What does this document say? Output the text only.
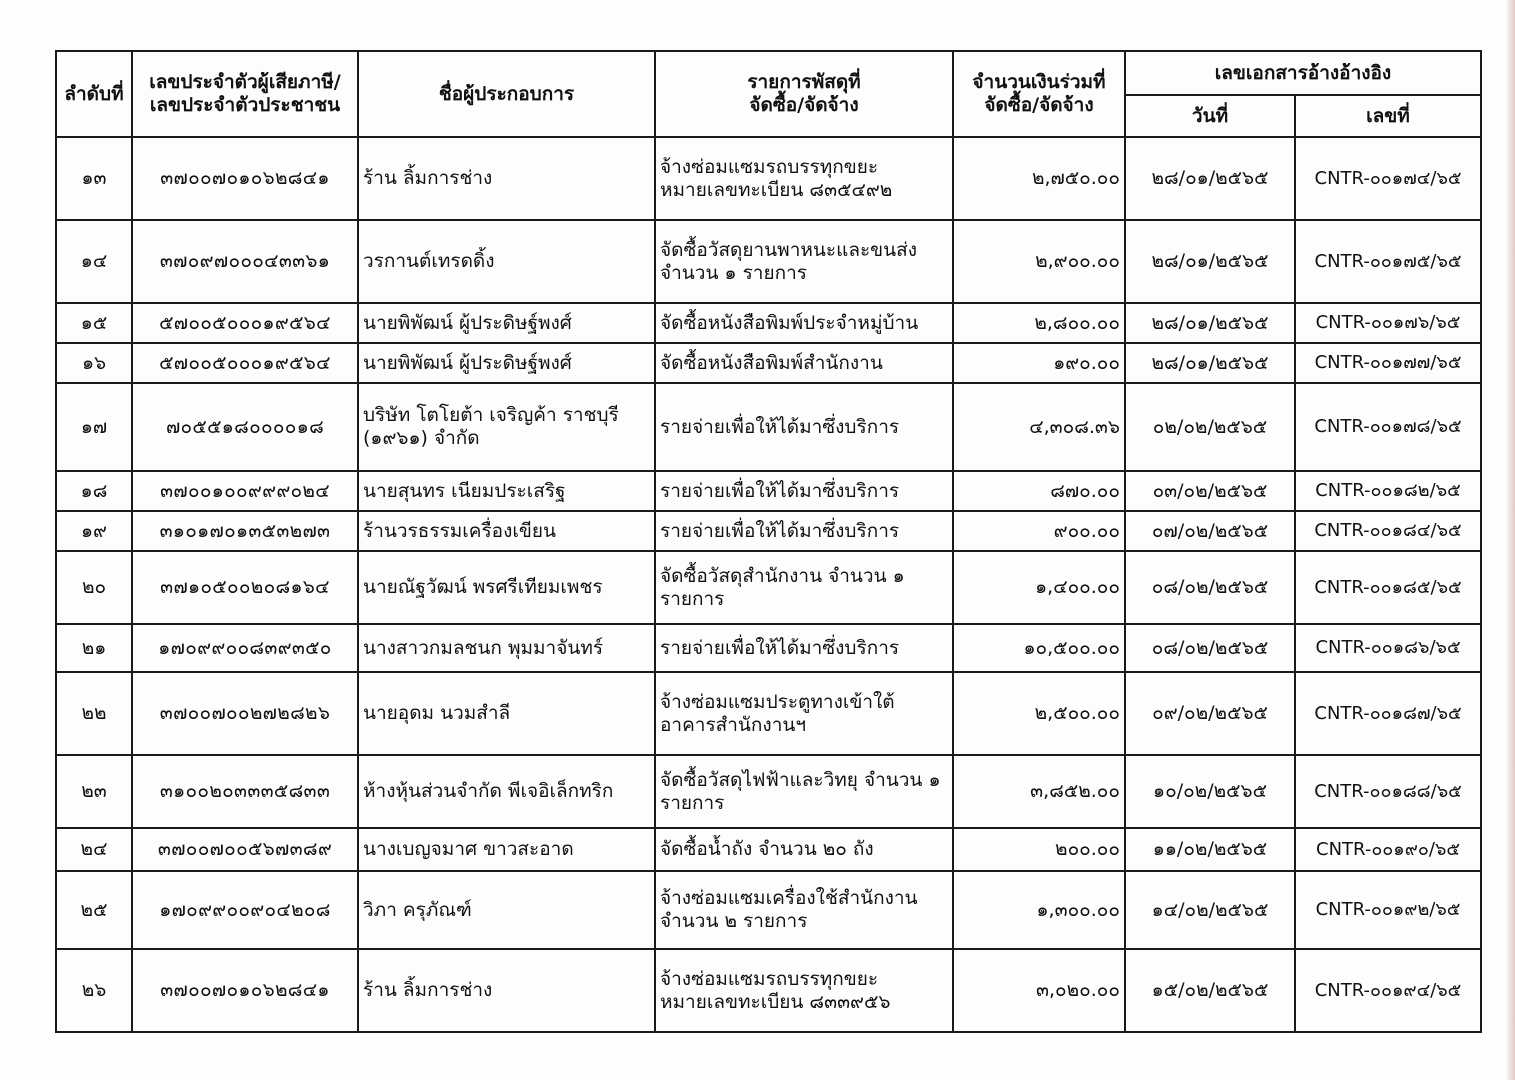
ลำดับที่	เลขประจำตัวผู้เสียภาษี/
เลขประจำตัวประชาชน	ชื่อผู้ประกอบการ	รายการพัสดุที่
จัดซื้อ/จัดจ้าง	จำนวนเงินร่วมที่
จัดซื้อ/จัดจ้าง	เลขเอกสารอ้างอ้างอิง	
					วันที่	เลขที่
๑๓	๓๗๐๐๗๐๑๐๖๒๘๔๑	ร้าน ลิ้มการช่าง	จ้างซ่อมแซมรถบรรทุกขยะ หมายเลขทะเบียน ๘๓๕๔๙๒	๒,๗๕๐.๐๐	๒๘/๐๑/๒๕๖๕	CNTR-๐๐๑๗๔/๖๕
๑๔	๓๗๐๙๗๐๐๐๔๓๓๖๑	วรกานต์เทรดดิ้ง	จัดซื้อวัสดุยานพาหนะและขนส่ง จำนวน ๑ รายการ	๒,๙๐๐.๐๐	๒๘/๐๑/๒๕๖๕	CNTR-๐๐๑๗๕/๖๕
๑๕	๕๗๐๐๕๐๐๐๑๙๕๖๔	นายพิพัฒน์ ผู้ประดิษฐ์พงศ์	จัดซื้อหนังสือพิมพ์ประจำหมู่บ้าน	๒,๘๐๐.๐๐	๒๘/๐๑/๒๕๖๕	CNTR-๐๐๑๗๖/๖๕
๑๖	๕๗๐๐๕๐๐๐๑๙๕๖๔	นายพิพัฒน์ ผู้ประดิษฐ์พงศ์	จัดซื้อหนังสือพิมพ์สำนักงาน	๑๙๐.๐๐	๒๘/๐๑/๒๕๖๕	CNTR-๐๐๑๗๗/๖๕
๑๗	๗๐๕๕๑๘๐๐๐๐๑๘	บริษัท โตโยต้า เจริญค้า ราชบุรี (๑๙๖๑) จำกัด	รายจ่ายเพื่อให้ได้มาซึ่งบริการ	๔,๓๐๘.๓๖	๐๒/๐๒/๒๕๖๕	CNTR-๐๐๑๗๘/๖๕
๑๘	๓๗๐๐๑๐๐๙๙๙๐๒๔	นายสุนทร เนียมประเสริฐ	รายจ่ายเพื่อให้ได้มาซึ่งบริการ	๘๗๐.๐๐	๐๓/๐๒/๒๕๖๕	CNTR-๐๐๑๘๒/๖๕
๑๙	๓๑๐๑๗๐๑๓๕๓๒๗๓	ร้านวรธรรมเครื่องเขียน	รายจ่ายเพื่อให้ได้มาซึ่งบริการ	๙๐๐.๐๐	๐๗/๐๒/๒๕๖๕	CNTR-๐๐๑๘๔/๖๕
๒๐	๓๗๑๐๕๐๐๒๐๘๑๖๔	นายณัฐวัฒน์ พรศรีเทียมเพชร	จัดซื้อวัสดุสำนักงาน จำนวน ๑ รายการ	๑,๔๐๐.๐๐	๐๘/๐๒/๒๕๖๕	CNTR-๐๐๑๘๕/๖๕
๒๑	๑๗๐๙๙๐๐๘๓๙๓๕๐	นางสาวกมลชนก พุมมาจันทร์	รายจ่ายเพื่อให้ได้มาซึ่งบริการ	๑๐,๕๐๐.๐๐	๐๘/๐๒/๒๕๖๕	CNTR-๐๐๑๘๖/๖๕
๒๒	๓๗๐๐๗๐๐๒๗๒๘๒๖	นายอุดม นวมสำลี	จ้างซ่อมแซมประตูทางเข้าใต้ อาคารสำนักงานฯ	๒,๕๐๐.๐๐	๐๙/๐๒/๒๕๖๕	CNTR-๐๐๑๘๗/๖๕
๒๓	๓๑๐๐๒๐๓๓๓๕๘๓๓	ห้างหุ้นส่วนจำกัด พีเจอิเล็กทริก	จัดซื้อวัสดุไฟฟ้าและวิทยุ จำนวน ๑ รายการ	๓,๘๕๒.๐๐	๑๐/๐๒/๒๕๖๕	CNTR-๐๐๑๘๘/๖๕
๒๔	๓๗๐๐๗๐๐๕๖๗๓๘๙	นางเบญจมาศ ขาวสะอาด	จัดซื้อน้ำถัง จำนวน ๒๐ ถัง	๒๐๐.๐๐	๑๑/๐๒/๒๕๖๕	CNTR-๐๐๑๙๐/๖๕
๒๕	๑๗๐๙๙๐๐๙๐๔๒๐๘	วิภา ครุภัณฑ์	จ้างซ่อมแซมเครื่องใช้สำนักงาน จำนวน ๒ รายการ	๑,๓๐๐.๐๐	๑๔/๐๒/๒๕๖๕	CNTR-๐๐๑๙๒/๖๕
๒๖	๓๗๐๐๗๐๑๐๖๒๘๔๑	ร้าน ลิ้มการช่าง	จ้างซ่อมแซมรถบรรทุกขยะ หมายเลขทะเบียน ๘๓๓๙๕๖	๓,๐๒๐.๐๐	๑๕/๐๒/๒๕๖๕	CNTR-๐๐๑๙๔/๖๕
